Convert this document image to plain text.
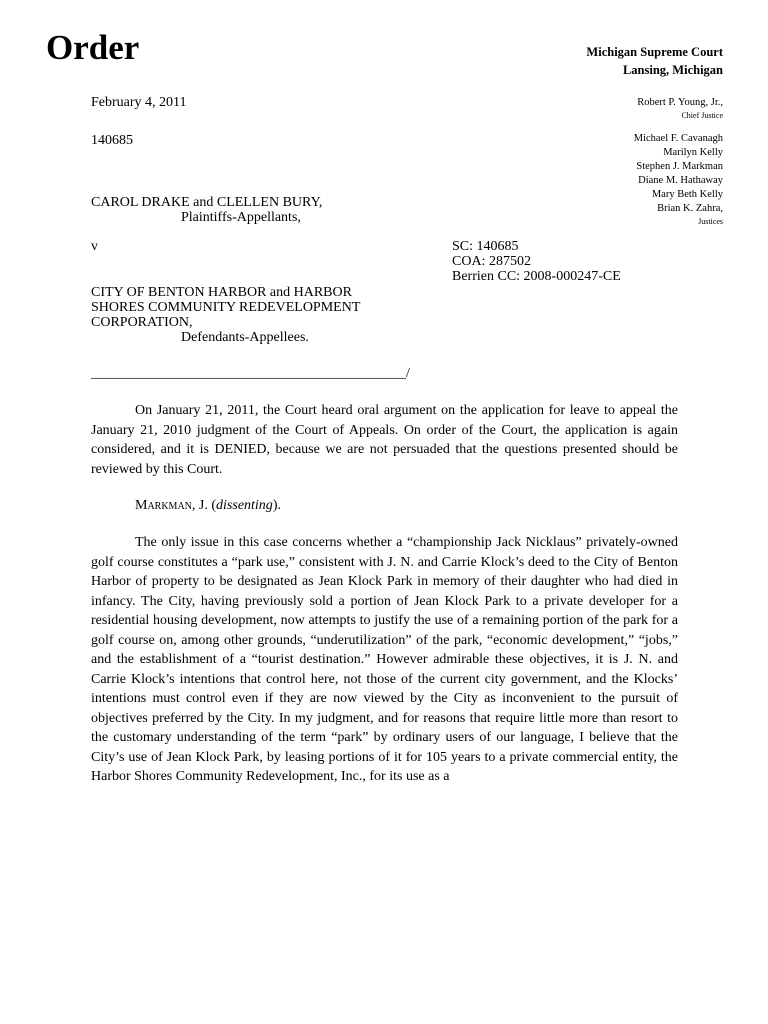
Order	Michigan Supreme Court
Lansing, Michigan
February 4, 2011
140685
Robert P. Young, Jr.,
Chief Justice
Michael F. Cavanagh
Marilyn Kelly
Stephen J. Markman
Diane M. Hathaway
Mary Beth Kelly
Brian K. Zahra,
Justices
CAROL DRAKE and CLELLEN BURY,
Plaintiffs-Appellants,
v	SC: 140685
COA: 287502
Berrien CC: 2008-000247-CE
CITY OF BENTON HARBOR and HARBOR
SHORES COMMUNITY REDEVELOPMENT
CORPORATION,
Defendants-Appellees.
_____________________________________________/
On January 21, 2011, the Court heard oral argument on the application for leave to appeal the January 21, 2010 judgment of the Court of Appeals. On order of the Court, the application is again considered, and it is DENIED, because we are not persuaded that the questions presented should be reviewed by this Court.
Markman, J. (dissenting).
The only issue in this case concerns whether a “championship Jack Nicklaus” privately-owned golf course constitutes a “park use,” consistent with J. N. and Carrie Klock’s deed to the City of Benton Harbor of property to be designated as Jean Klock Park in memory of their daughter who had died in infancy. The City, having previously sold a portion of Jean Klock Park to a private developer for a residential housing development, now attempts to justify the use of a remaining portion of the park for a golf course on, among other grounds, “underutilization” of the park, “economic development,” “jobs,” and the establishment of a “tourist destination.” However admirable these objectives, it is J. N. and Carrie Klock’s intentions that control here, not those of the current city government, and the Klocks’ intentions must control even if they are now viewed by the City as inconvenient to the pursuit of objectives preferred by the City. In my judgment, and for reasons that require little more than resort to the customary understanding of the term “park” by ordinary users of our language, I believe that the City’s use of Jean Klock Park, by leasing portions of it for 105 years to a private commercial entity, the Harbor Shores Community Redevelopment, Inc., for its use as a
